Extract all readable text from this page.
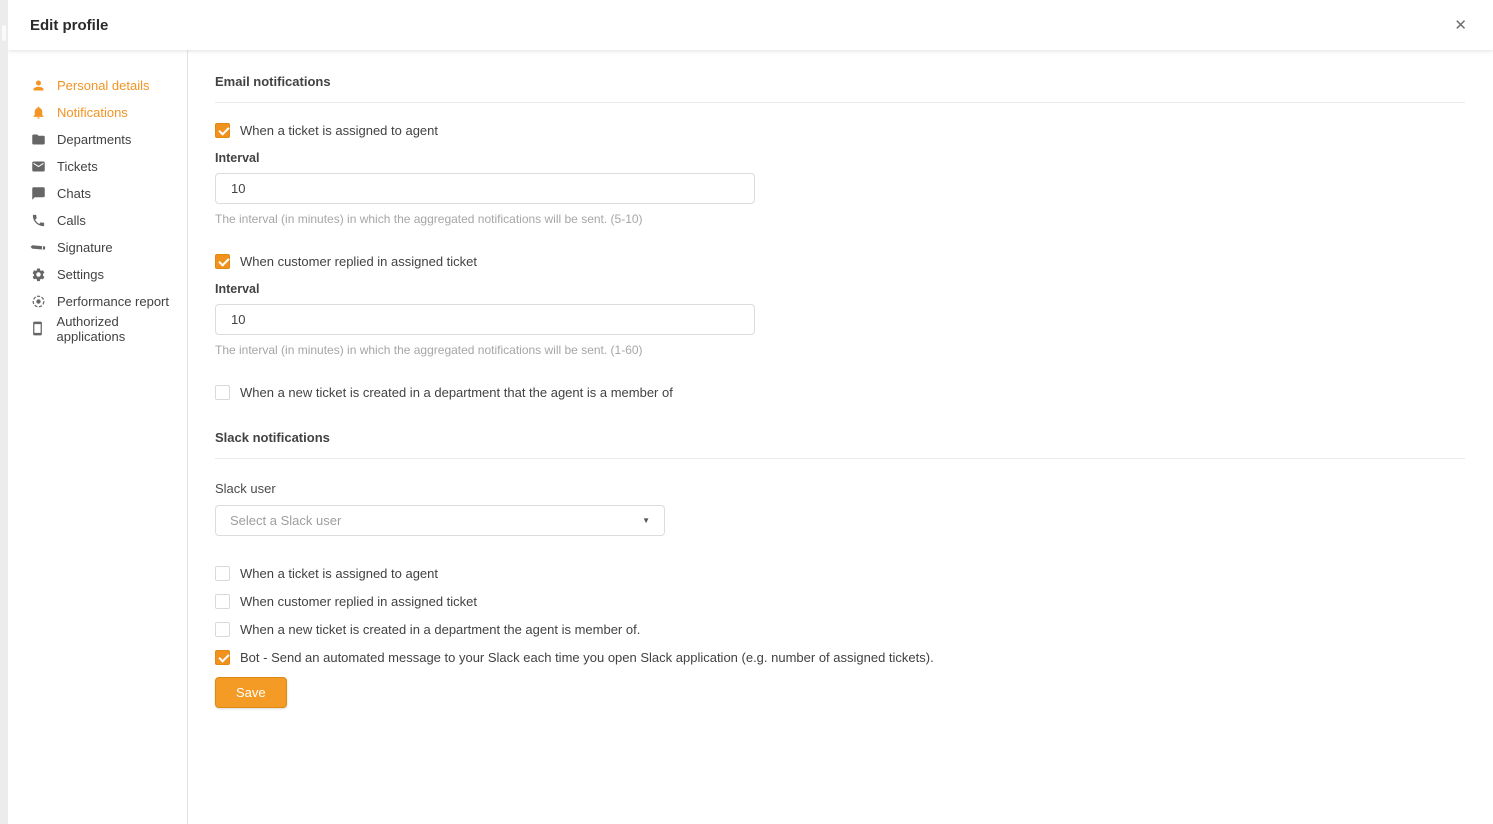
Edit profile	✕
Personal details
Notifications
Departments
Tickets
Chats
Calls
Signature
Settings
Performance report
Authorized applications
Email notifications
When a ticket is assigned to agent
Interval
10
The interval (in minutes) in which the aggregated notifications will be sent. (5-10)
When customer replied in assigned ticket
Interval
10
The interval (in minutes) in which the aggregated notifications will be sent. (1-60)
When a new ticket is created in a department that the agent is a member of
Slack notifications
Slack user
Select a Slack user	▼
When a ticket is assigned to agent
When customer replied in assigned ticket
When a new ticket is created in a department the agent is member of.
Bot - Send an automated message to your Slack each time you open Slack application (e.g. number of assigned tickets).
Save
